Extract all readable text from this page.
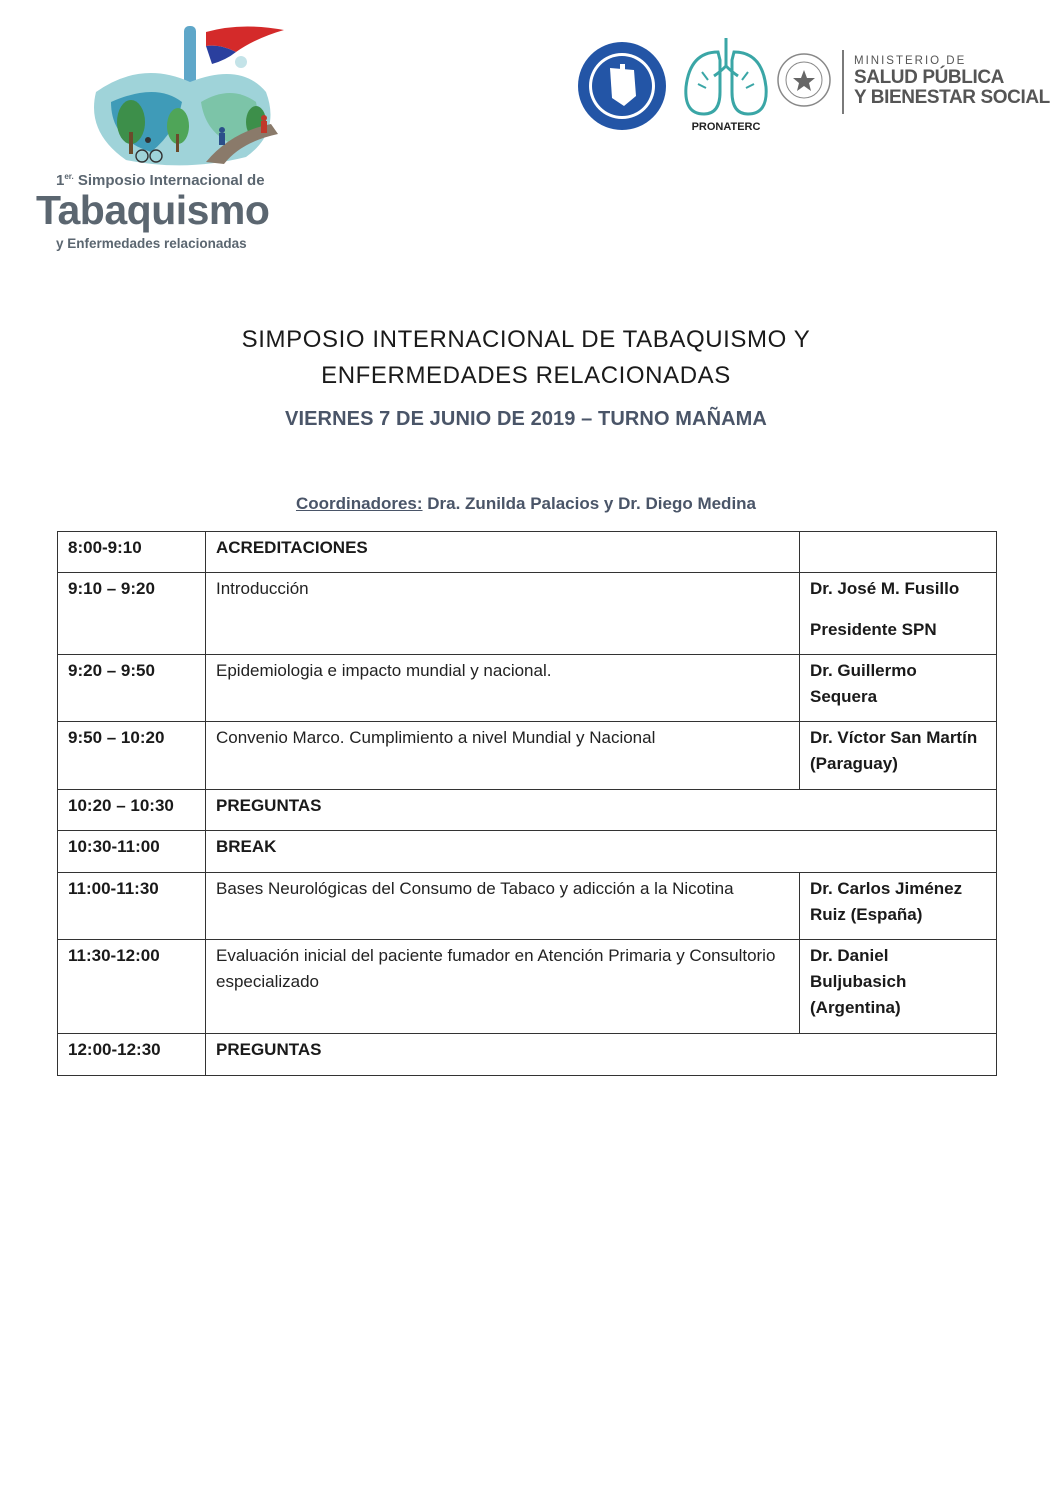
$1^{er.}$ Simposio Internacional de
Tabaquismo
y Enfermedades relacionadas
PRONATERC
MINISTERIO DE
SALUD PÚBLICA
Y BIENESTAR SOCIAL
SIMPOSIO INTERNACIONAL DE TABAQUISMO Y
ENFERMEDADES RELACIONADAS
VIERNES 7 DE JUNIO DE 2019 – TURNO MAÑAMA
Coordinadores: Dra. Zunilda Palacios y Dr. Diego Medina
8:00-9:10	ACREDITACIONES	
9:10 – 9:20	Introducción	Dr. José M. Fusillo
Presidente SPN

9:20 – 9:50	Epidemiologia e impacto mundial y nacional.	Dr. Guillermo Sequera
9:50 – 10:20	Convenio Marco. Cumplimiento a nivel Mundial y Nacional	Dr. Víctor San Martín (Paraguay)
10:20 – 10:30	PREGUNTAS	
10:30-11:00	BREAK	
11:00-11:30	Bases Neurológicas del Consumo de Tabaco y adicción a la Nicotina	Dr. Carlos Jiménez Ruiz (España)
11:30-12:00	Evaluación inicial del paciente fumador en Atención Primaria y Consultorio especializado	Dr. Daniel Buljubasich (Argentina)
12:00-12:30	PREGUNTAS	
